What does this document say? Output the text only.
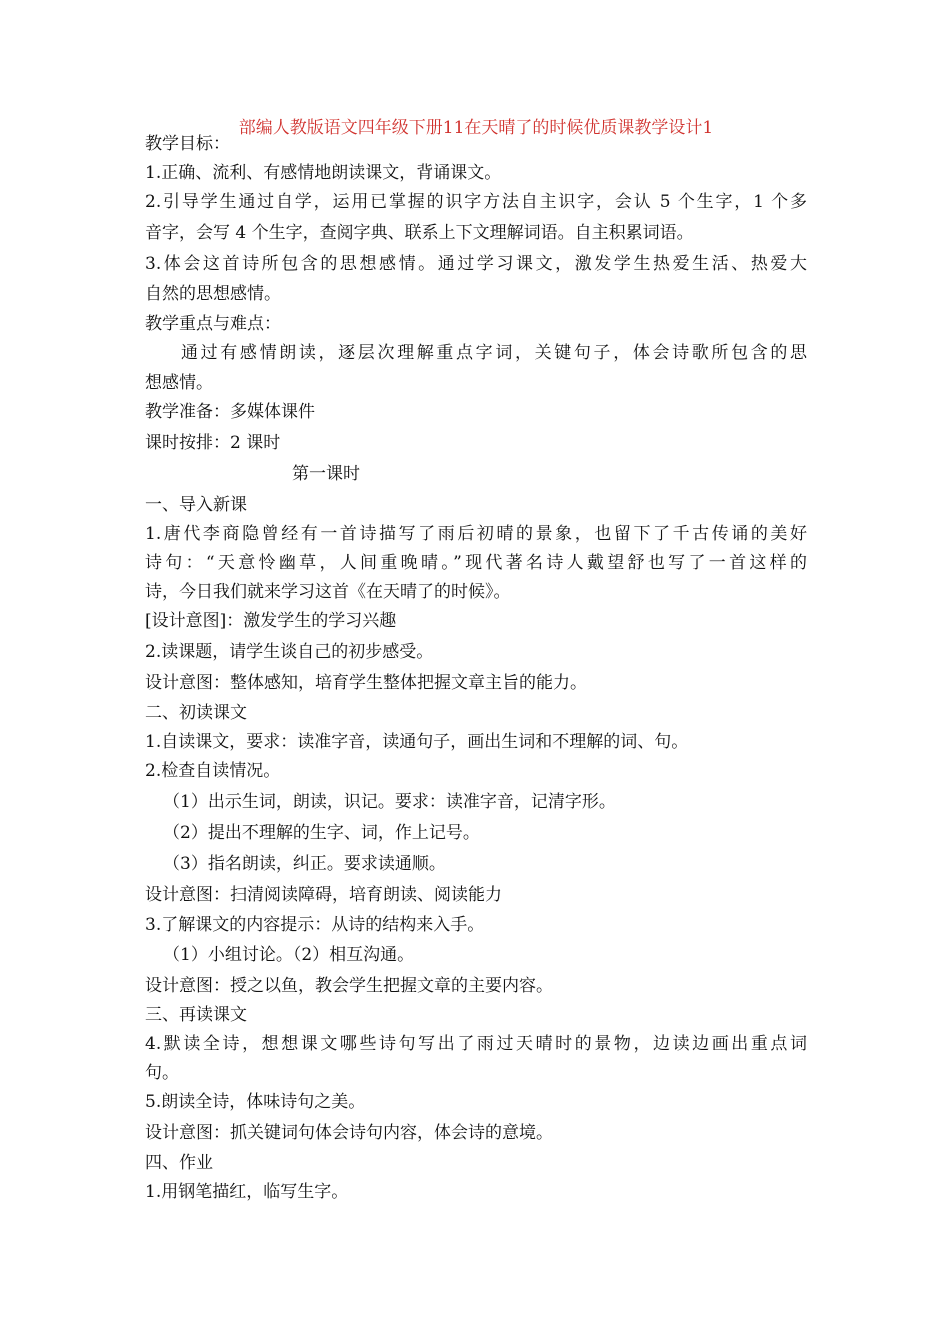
部编人教版语文四年级下册11在天晴了的时候优质课教学设计1
教学目标：
1.正确、流利、有感情地朗读课文，背诵课文。
2.引导学生通过自学，运用已掌握的识字方法自主识字，会认 5 个生字，1 个多
音字，会写 4 个生字，查阅字典、联系上下文理解词语。自主积累词语。
3.体会这首诗所包含的思想感情。通过学习课文，激发学生热爱生活、热爱大
自然的思想感情。
教学重点与难点：
通过有感情朗读，逐层次理解重点字词，关键句子，体会诗歌所包含的思
想感情。
教学准备：多媒体课件
课时按排：2 课时
第一课时
一、导入新课
1.唐代李商隐曾经有一首诗描写了雨后初晴的景象，也留下了千古传诵的美好
诗句：“天意怜幽草，人间重晚晴。”现代著名诗人戴望舒也写了一首这样的
诗，今日我们就来学习这首《在天晴了的时候》。
[设计意图]：激发学生的学习兴趣
2.读课题，请学生谈自己的初步感受。
设计意图：整体感知，培育学生整体把握文章主旨的能力。
二、初读课文
1.自读课文，要求：读准字音，读通句子，画出生词和不理解的词、句。
2.检查自读情况。
（1）出示生词，朗读，识记。要求：读准字音，记清字形。
（2）提出不理解的生字、词，作上记号。
（3）指名朗读，纠正。要求读通顺。
设计意图：扫清阅读障碍，培育朗读、阅读能力
3.了解课文的内容提示：从诗的结构来入手。
（1）小组讨论。（2）相互沟通。
设计意图：授之以鱼，教会学生把握文章的主要内容。
三、再读课文
4.默读全诗，想想课文哪些诗句写出了雨过天晴时的景物，边读边画出重点词
句。
5.朗读全诗，体味诗句之美。
设计意图：抓关键词句体会诗句内容，体会诗的意境。
四、作业
1.用钢笔描红，临写生字。
